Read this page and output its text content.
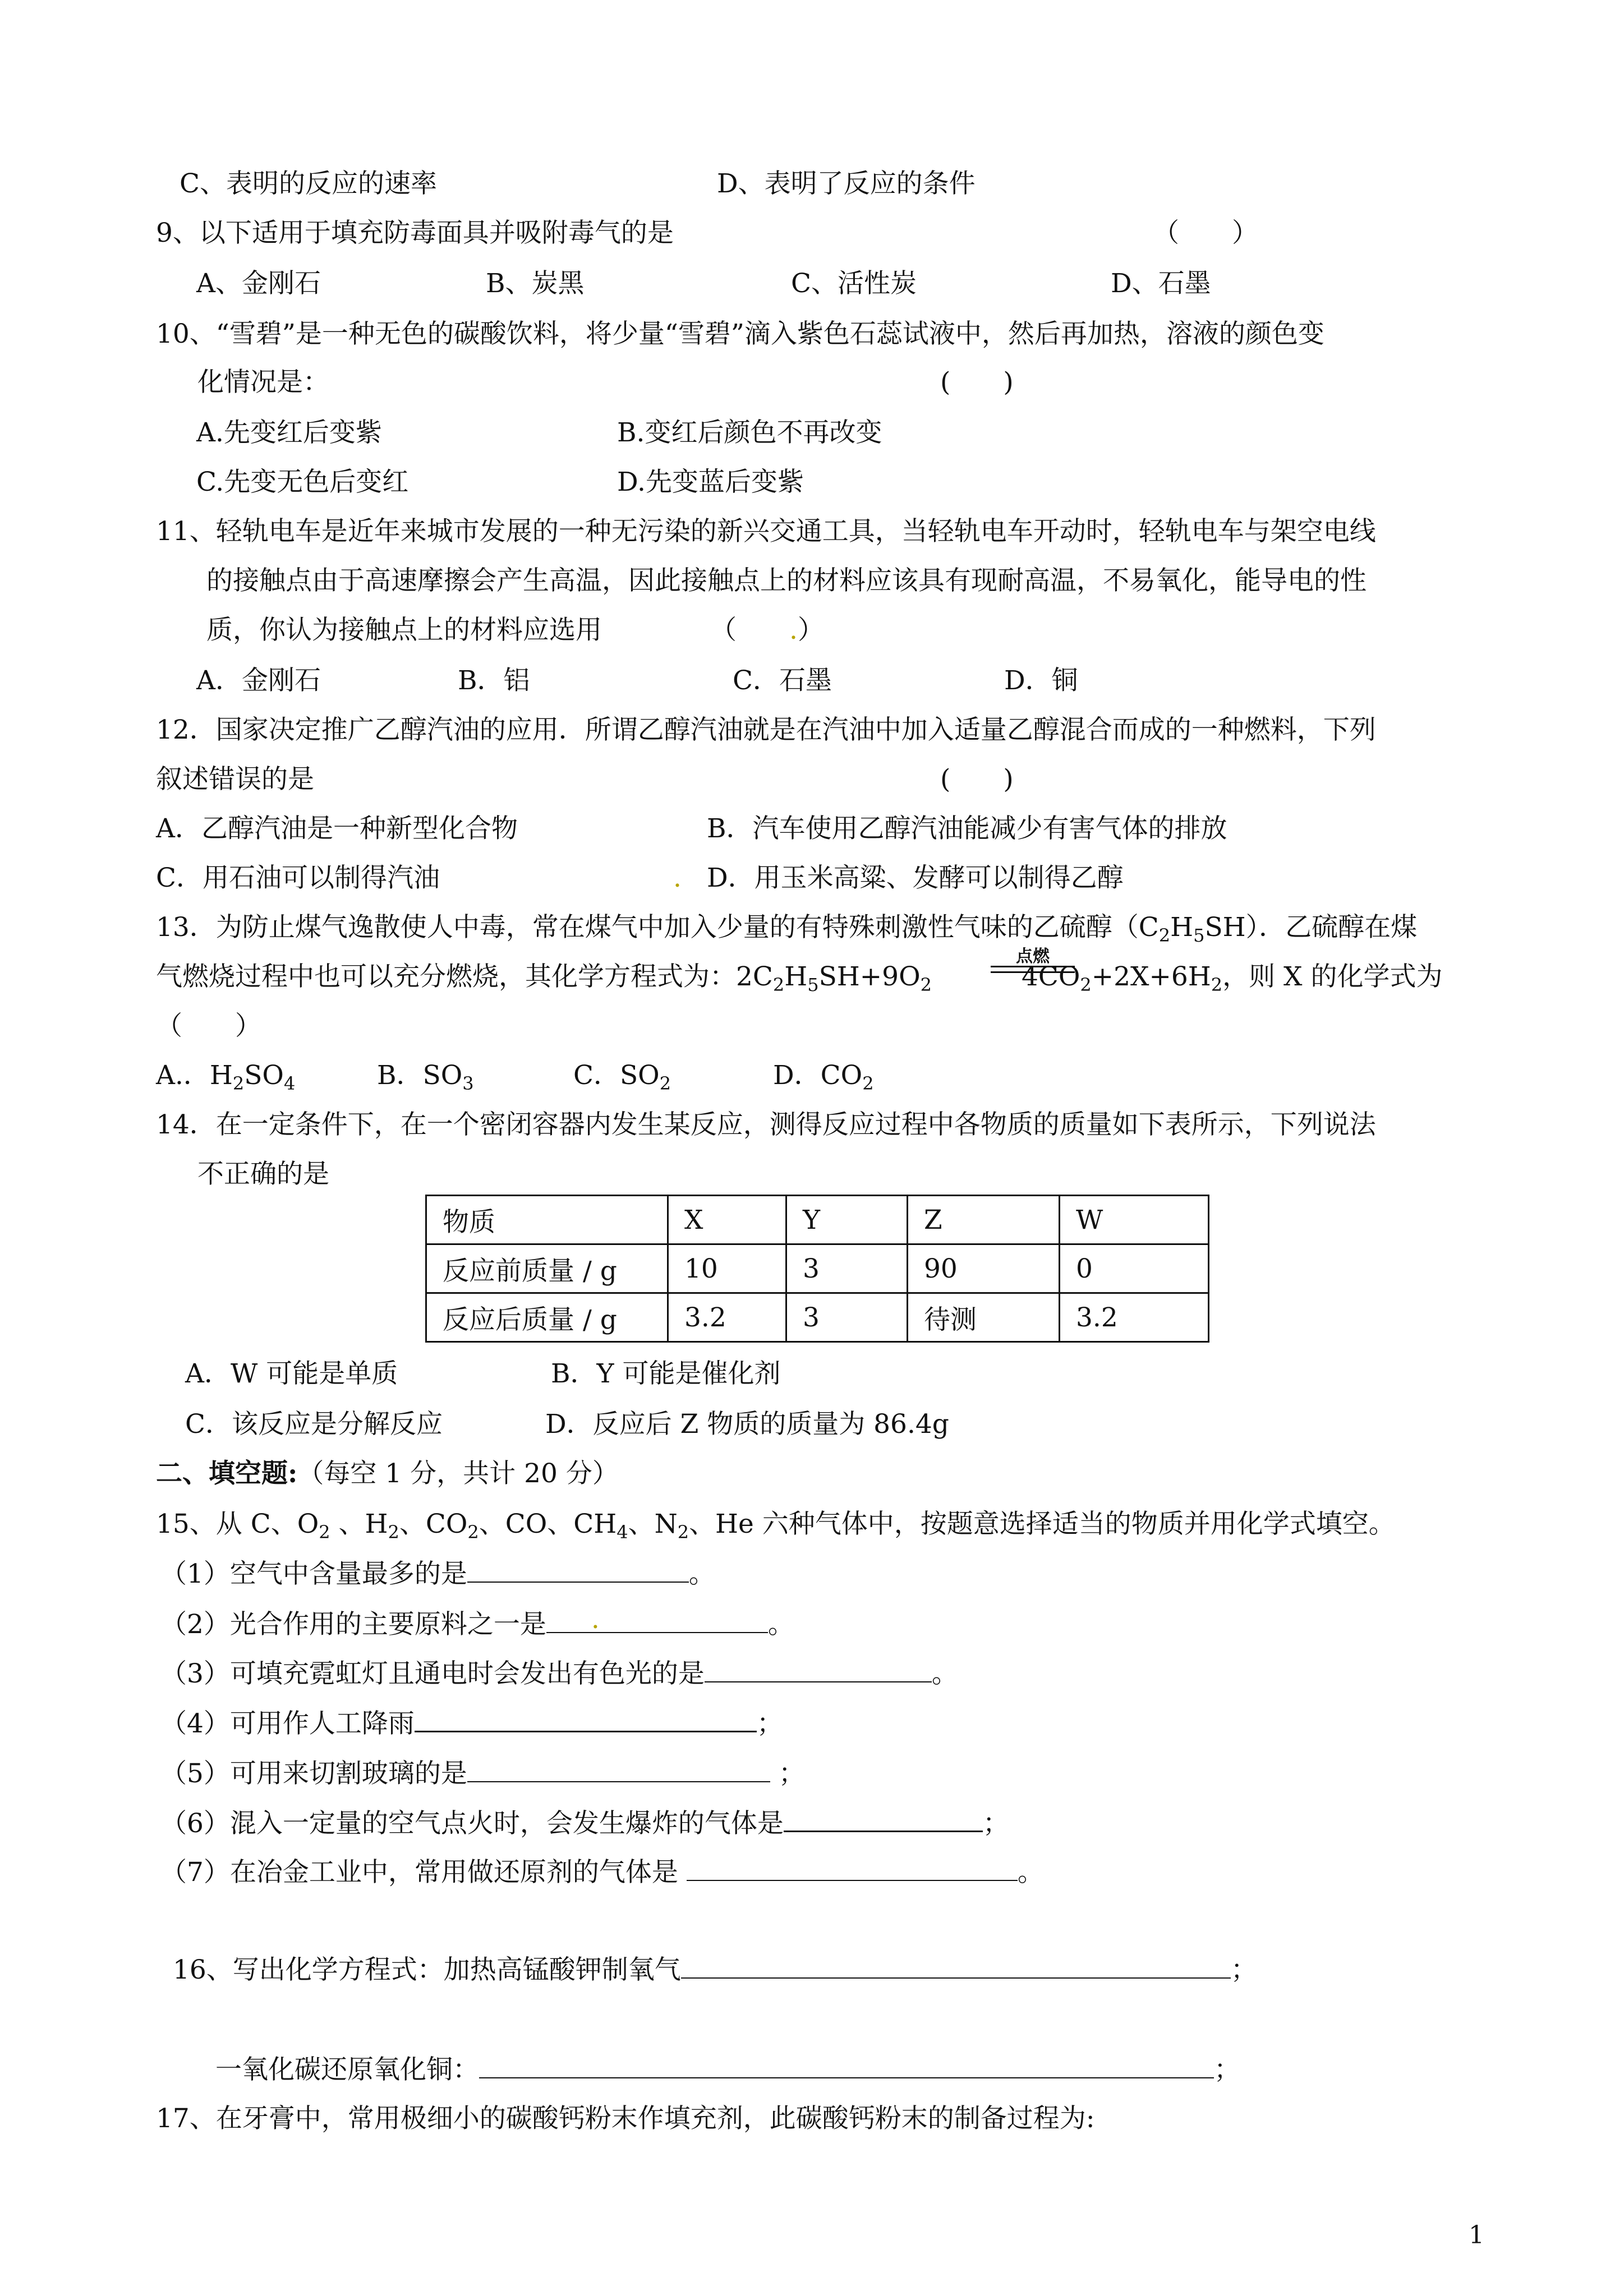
C、表明的反应的速率	D、表明了反应的条件
9、以下适用于填充防毒面具并吸附毒气的是	（　　）
A、金刚石	B、炭黑	C、活性炭	D、石墨
10、“雪碧”是一种无色的碳酸饮料，将少量“雪碧”滴入紫色石蕊试液中，然后再加热，溶液的颜色变
化情况是：	(　　)
A.先变红后变紫	B.变红后颜色不再改变
C.先变无色后变红	D.先变蓝后变紫
11、轻轨电车是近年来城市发展的一种无污染的新兴交通工具，当轻轨电车开动时，轻轨电车与架空电线
的接触点由于高速摩擦会产生高温，因此接触点上的材料应该具有现耐高温，不易氧化，能导电的性
质，你认为接触点上的材料应选用	（　　.）
A．金刚石	B．铝	C．石墨	D．铜
12．国家决定推广乙醇汽油的应用．所谓乙醇汽油就是在汽油中加入适量乙醇混合而成的一种燃料，下列
叙述错误的是	(　　)
A．乙醇汽油是一种新型化合物	B．汽车使用乙醇汽油能减少有害气体的排放
C．用石油可以制得汽油	. D．用玉米高粱、发酵可以制得乙醇
13．为防止煤气逸散使人中毒，常在煤气中加入少量的有特殊刺激性气味的乙硫醇$(C_2H_5SH)$．乙硫醇在煤
气燃烧过程中也可以充分燃烧，其化学方程式为：$2C_2H_5SH+9O_2$	$4CO_2+2X+6H_2$，则 X 的化学式为
点燃
（　　）
A.．$H_2SO_4$	B．$SO_3$	C．$SO_2$	D．$CO_2$
14．在一定条件下，在一个密闭容器内发生某反应，测得反应过程中各物质的质量如下表所示，下列说法
不正确的是
物质	X	Y	Z	W
反应前质量 / g	10	3	90	0
反应后质量 / g	3.2	3	待测	3.2
A．W 可能是单质	B．Y 可能是催化剂
C．该反应是分解反应	D．反应后 Z 物质的质量为 86.4g
二、填空题:（每空 1 分，共计 20 分）
15、从 C、$O_2$ 、$H_2$、$CO_2$、CO、$CH_4$、$N_2$、He 六种气体中，按题意选择适当的物质并用化学式填空。
（1）空气中含量最多的是	。
（2）光合作用的主要原料之一是 .	。
（3）可填充霓虹灯且通电时会发出有色光的是	。
（4）可用作人工降雨	；
（5）可用来切割玻璃的是	；
（6）混入一定量的空气点火时，会发生爆炸的气体是	；
（7）在冶金工业中，常用做还原剂的气体是	。
16、写出化学方程式：加热高锰酸钾制氧气	；
一氧化碳还原氧化铜：	；
17、在牙膏中，常用极细小的碳酸钙粉末作填充剂，此碳酸钙粉末的制备过程为:
1
